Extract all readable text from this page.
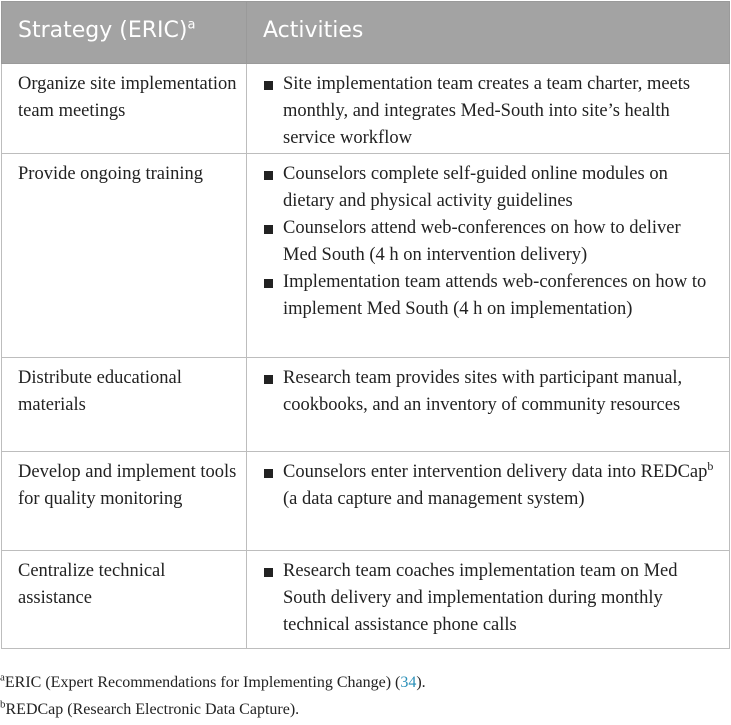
Strategy (ERIC)$^a$	Activities
Organize site implementation team meetings	Site implementation team creates a team charter, meets monthly, and integrates Med-South into site’s health service workflow

Provide ongoing training	Counselors complete self-guided online modules on dietary and physical activity guidelines
Counselors attend web-conferences on how to deliver Med South (4 h on intervention delivery)
Implementation team attends web-conferences on how to implement Med South (4 h on implementation)

Distribute educational materials	Research team provides sites with participant manual, cookbooks, and an inventory of community resources

Develop and implement tools for quality monitoring	Counselors enter intervention delivery data into REDCap$^b$ (a data capture and management system)

Centralize technical assistance	Research team coaches implementation team on Med South delivery and implementation during monthly technical assistance phone calls
$^a$ERIC (Expert Recommendations for Implementing Change) (34).
$^b$REDCap (Research Electronic Data Capture).
